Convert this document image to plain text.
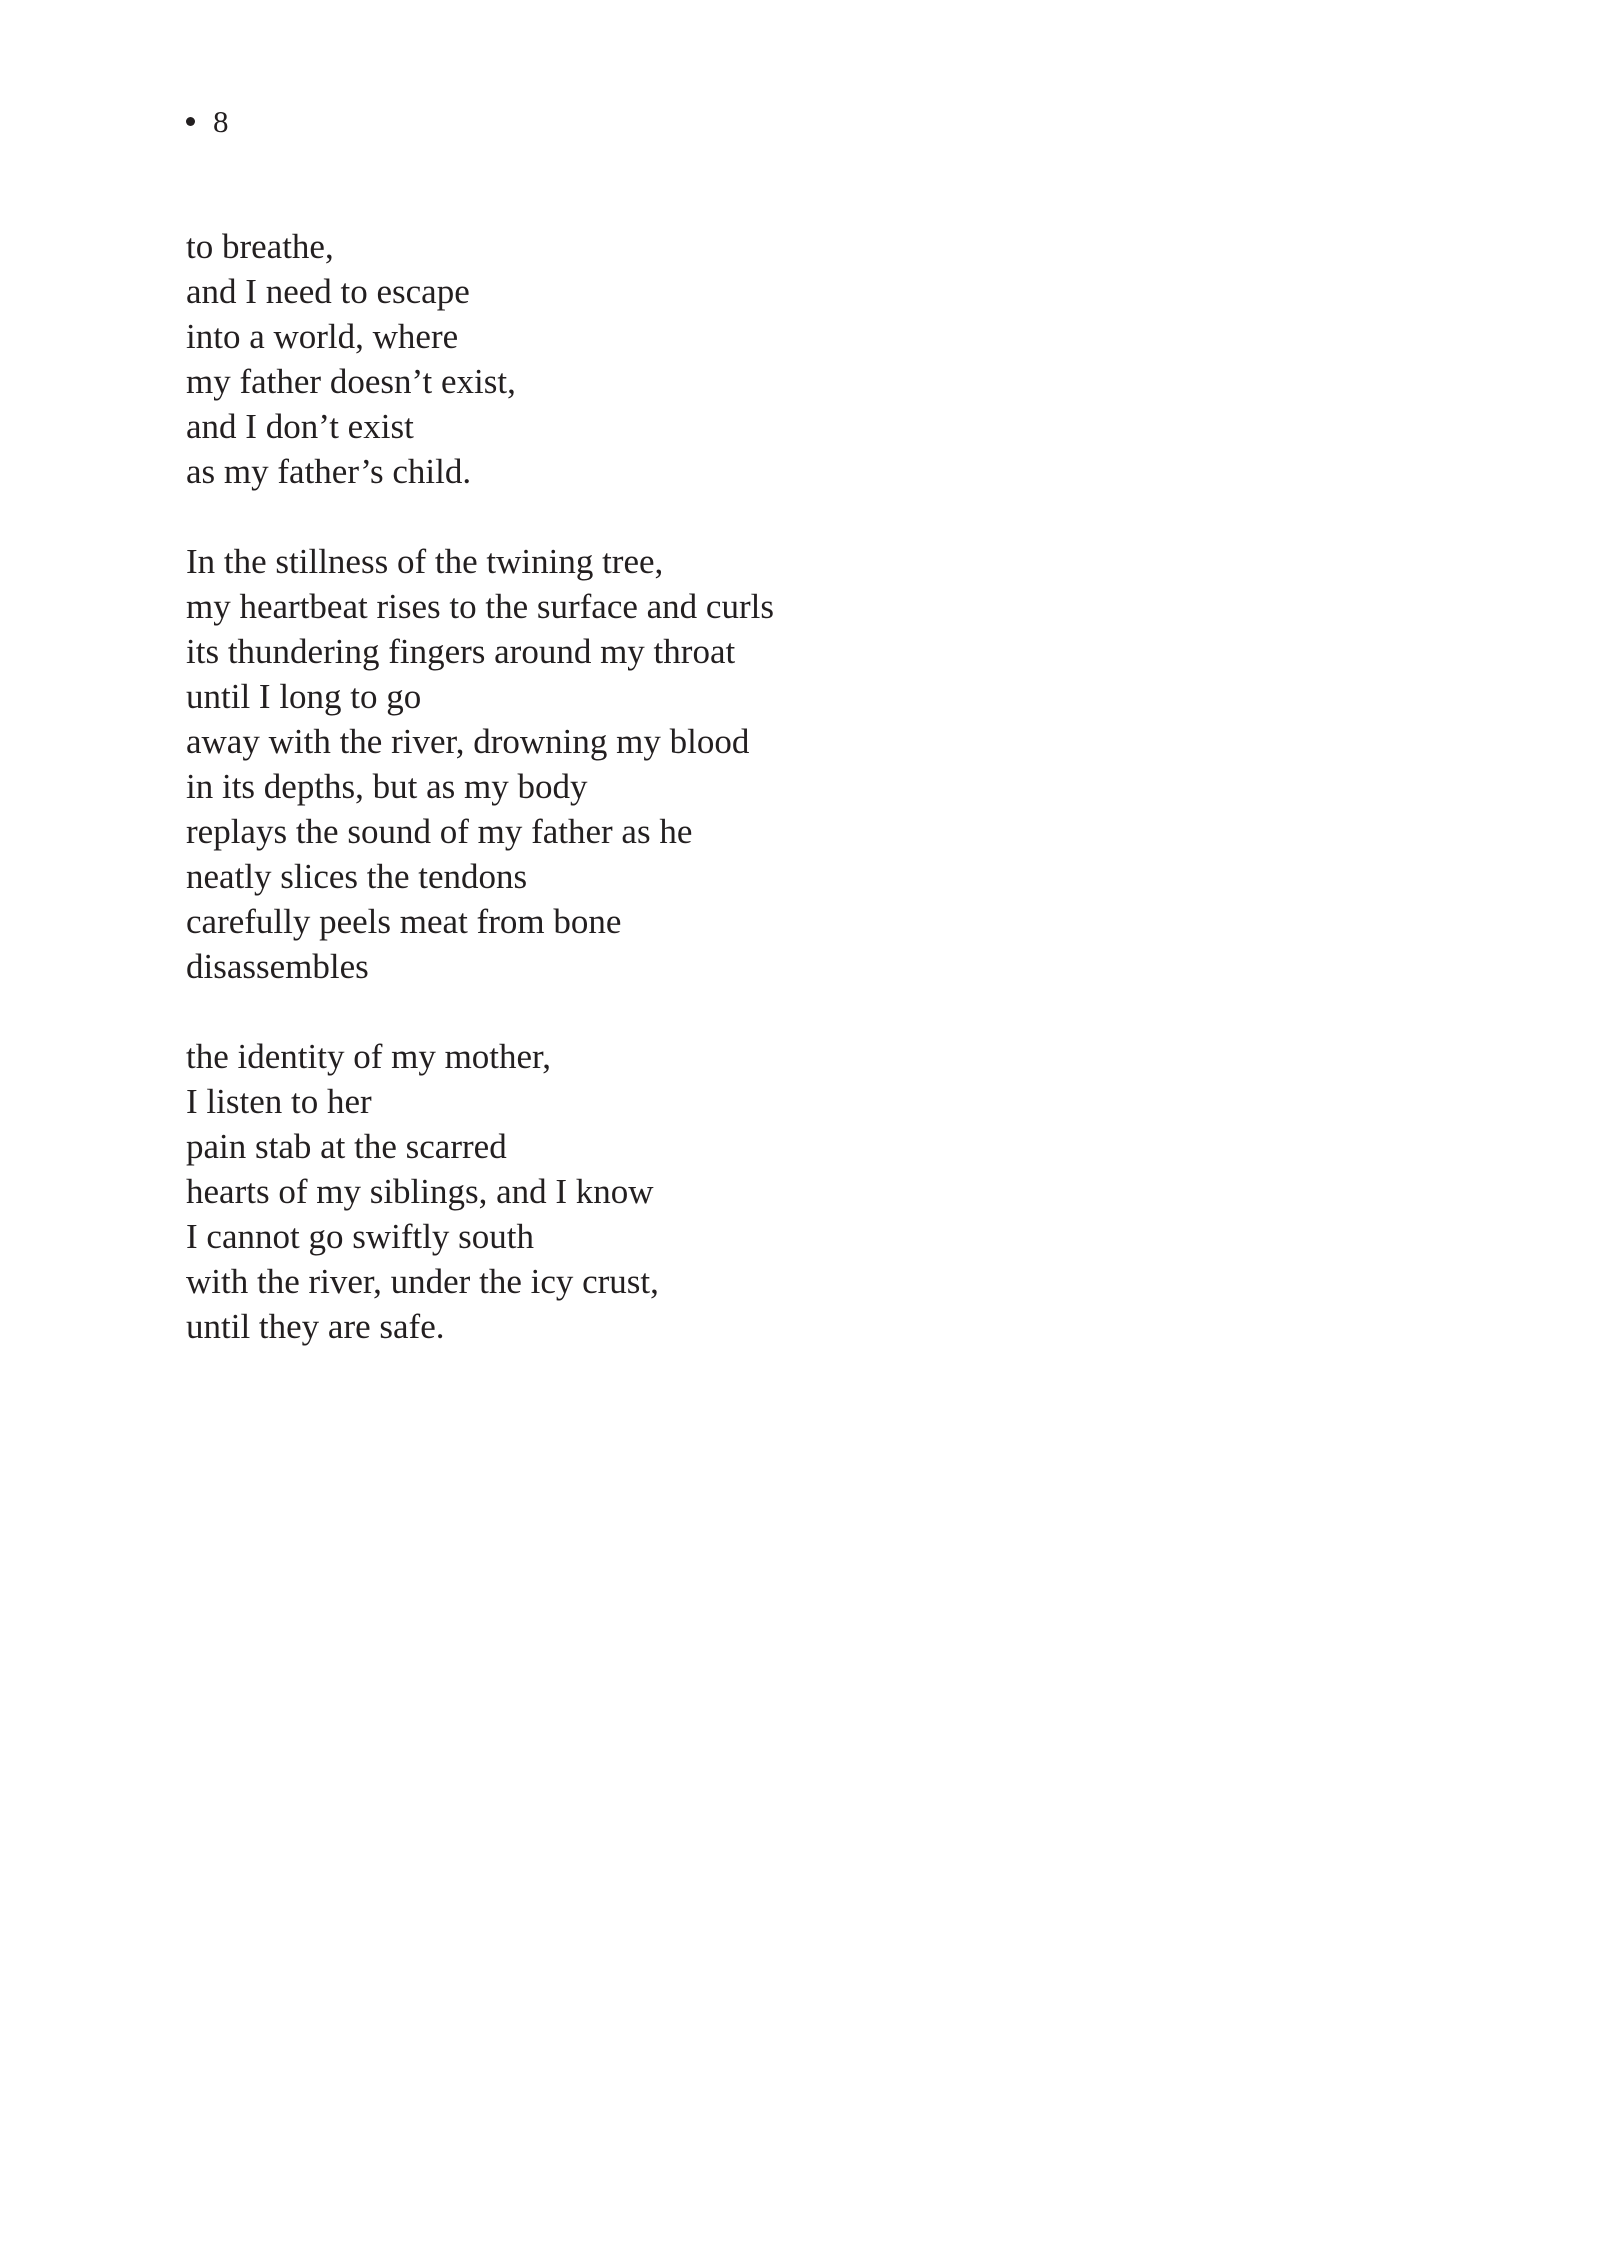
8
to breathe,
and I need to escape
into a world, where
my father doesn’t exist,
and I don’t exist
as my father’s child.
In the stillness of the twining tree,
my heartbeat rises to the surface and curls
its thundering fingers around my throat
until I long to go
away with the river, drowning my blood
in its depths, but as my body
replays the sound of my father as he
neatly slices the tendons
carefully peels meat from bone
disassembles
the identity of my mother,
I listen to her
pain stab at the scarred
hearts of my siblings, and I know
I cannot go swiftly south
with the river, under the icy crust,
until they are safe.
